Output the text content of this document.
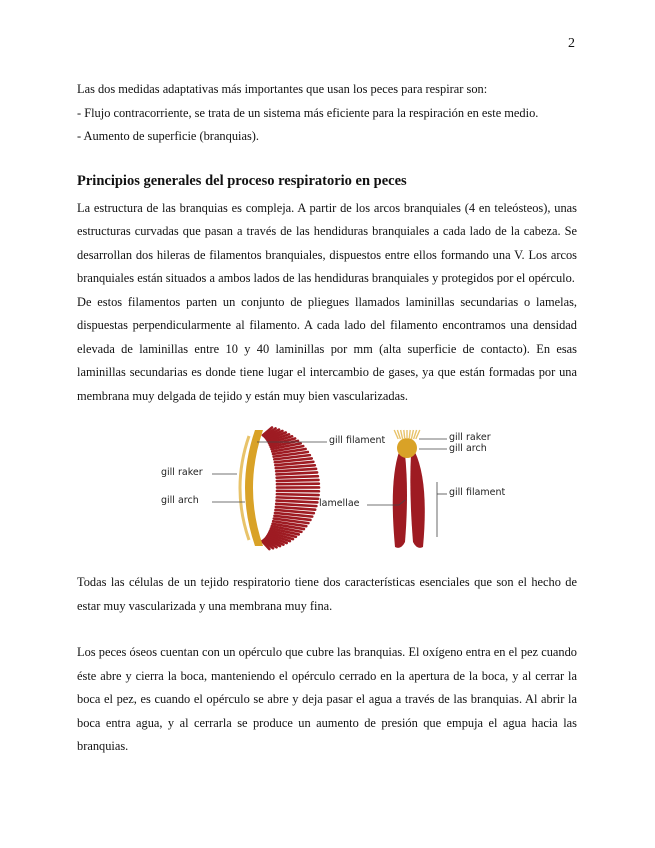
2

Las dos medidas adaptativas más importantes que usan los peces para respirar son:

- Flujo contracorriente, se trata de un sistema más eficiente para la respiración en este medio.

- Aumento de superficie (branquias).

Principios generales del proceso respiratorio en peces

La estructura de las branquias es compleja. A partir de los arcos branquiales (4 en teleósteos), unas estructuras curvadas que pasan a través de las hendiduras branquiales a cada lado de la cabeza. Se desarrollan dos hileras de filamentos branquiales, dispuestos entre ellos formando una V. Los arcos branquiales están situados a ambos lados de las hendiduras branquiales y protegidos por el opérculo.

De estos filamentos parten un conjunto de pliegues llamados laminillas secundarias o lamelas, dispuestas perpendicularmente al filamento. A cada lado del filamento encontramos una densidad elevada de laminillas entre 10 y 40 laminillas por mm (alta superficie de contacto). En esas laminillas secundarias es donde tiene lugar el intercambio de gases, ya que están formadas por una membrana muy delgada de tejido y están muy bien vascularizadas.

gill filament
gill raker
gill arch	lamellae
gill raker
gill arch
gill filament

Todas las células de un tejido respiratorio tiene dos características esenciales que son el hecho de estar muy vascularizada y una membrana muy fina.

Los peces óseos cuentan con un opérculo que cubre las branquias. El oxígeno entra en el pez cuando éste abre y cierra la boca, manteniendo el opérculo cerrado en la apertura de la boca, y al cerrar la boca el pez, es cuando el opérculo se abre y deja pasar el agua a través de las branquias. Al abrir la boca entra agua, y al cerrarla se produce un aumento de presión que empuja el agua hacia las branquias.
